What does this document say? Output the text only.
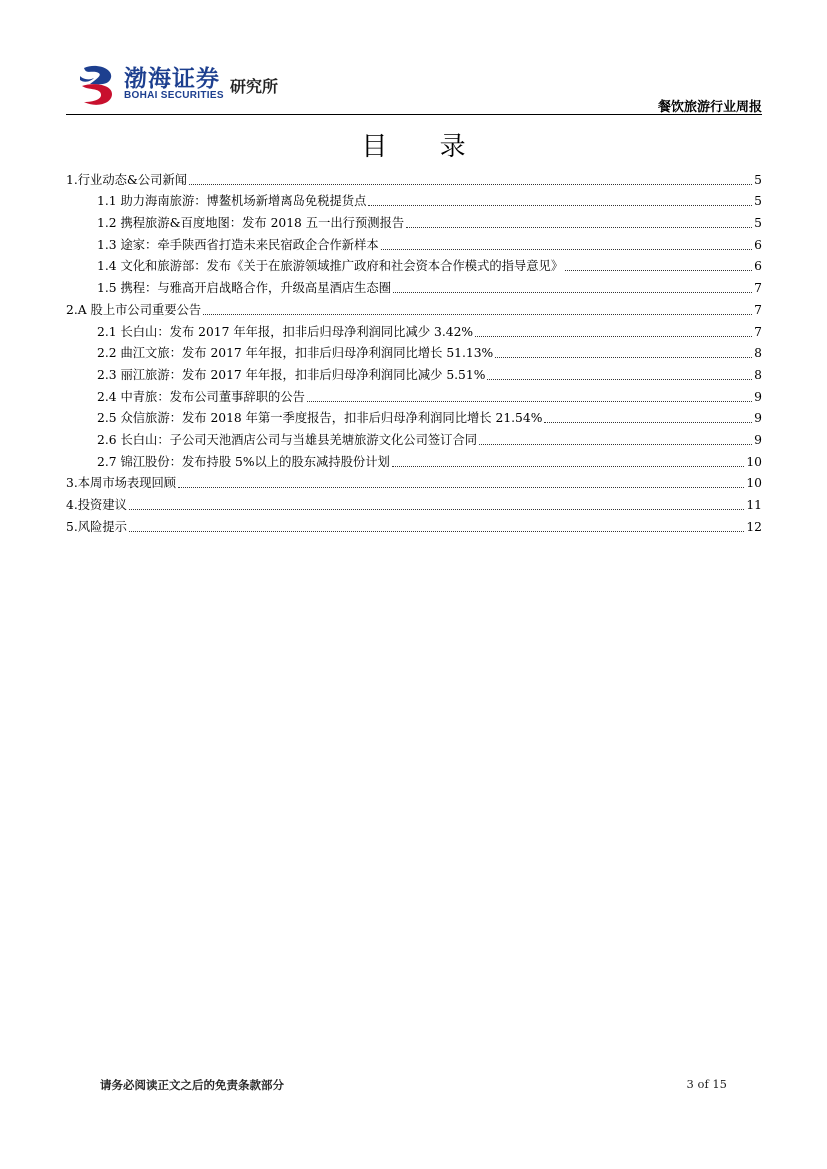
渤海证券
BOHAI SECURITIES 研究所
餐饮旅游行业周报
目 录
1.行业动态&公司新闻	5
1.1 助力海南旅游：博鳌机场新增离岛免税提货点	5
1.2 携程旅游&百度地图：发布 2018 五一出行预测报告	5
1.3 途家：牵手陕西省打造未来民宿政企合作新样本	6
1.4 文化和旅游部：发布《关于在旅游领域推广政府和社会资本合作模式的指导意见》	6
1.5 携程：与雅高开启战略合作，升级高星酒店生态圈	7
2.A 股上市公司重要公告	7
2.1 长白山：发布 2017 年年报，扣非后归母净利润同比减少 3.42%	7
2.2 曲江文旅：发布 2017 年年报，扣非后归母净利润同比增长 51.13%	8
2.3 丽江旅游：发布 2017 年年报，扣非后归母净利润同比减少 5.51%	8
2.4 中青旅：发布公司董事辞职的公告	9
2.5 众信旅游：发布 2018 年第一季度报告，扣非后归母净利润同比增长 21.54%	9
2.6 长白山：子公司天池酒店公司与当雄县羌塘旅游文化公司签订合同	9
2.7 锦江股份：发布持股 5%以上的股东减持股份计划	10
3.本周市场表现回顾	10
4.投资建议	11
5.风险提示	12
请务必阅读正文之后的免责条款部分	3 of 15
